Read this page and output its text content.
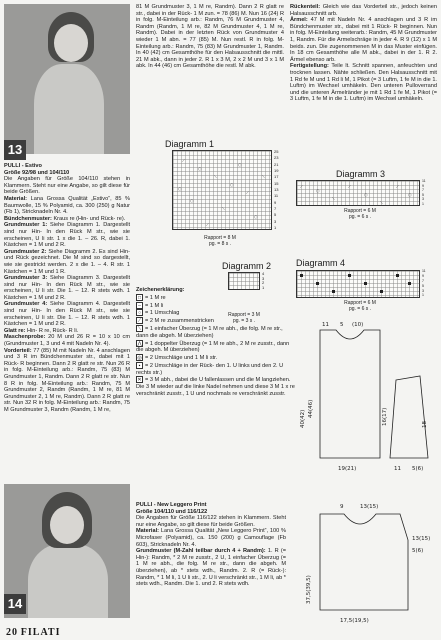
13

PULLI - Estivo

Größe 92/98 und 104/110

Die Angaben für Größe 104/110 stehen in Klammern. Steht nur eine Angabe, so gilt diese für beide Größen.

Material: Lana Grossa Qualität „Estivo“, 85 % Baumwolle, 15 % Polyamid, ca. 300 (250) g Natur (Fb 1), Stricknadeln Nr. 4.

Bündchenmuster: Kraus re (Hin- und Rück- re).

Grundmuster 1: Siehe Diagramm 1. Dargestellt sind nur Hin- In den Rück M str., wie sie erscheinen, U li str. 1 x die 1. – 26. R, dabei 1. Kästchen = 1 M und 2 R.

Grundmuster 2: Siehe Diagramm 2. Es sind Hin- und Rück gezeichnet. Die M sind so dargestellt, wie sie gestrickt werden. 2 x die 1. – 4. R str. 1 Kästchen = 1 M und 1 R.

Grundmuster 3: Siehe Diagramm 3. Dargestellt sind nur Hin- In den Rück M str., wie sie erscheinen, U li str. Die 1. – 12. R stets wdh. 1 Kästchen = 1 M und 2 R.

Grundmuster 4: Siehe Diagramm 4. Dargestellt sind nur Hin- In den Rück M str., wie sie erscheinen, U li str. Die 1. – 12. R stets wdh. 1 Kästchen = 1 M und 2 R.

Glatt re: Hin- R re, Rück- R li.

Maschenprobe: 20 M und 26 R = 10 x 10 cm (Grundmuster 1, 3 und 4 mit Nadeln Nr. 4).

Vorderteil: 77 (85) M mit Nadeln Nr. 4 anschlagen und 3 R im Bündchenmuster str., dabei mit 1 Rück- R beginnen. Dann 2 R glatt re str. Nun 26 R in folg. M-Einteilung arb.: Randm, 75 (83) M Grundmuster 1, Randm. Dann 2 R glatt re str. Nun 8 R in folg. M-Einteilung arb.: Randm, 75 M Grundmuster 2, Randm (Randm, 1 M re, 81 M Grundmuster 2, 1 M re, Randm). Dann 2 R glatt re str. Nun 32 R in folg. M-Einteilung arb.: Randm, 75 M Grundmuster 3, Randm (Randm, 1 M re,

81 M Grundmuster 3, 1 M re, Randm). Dann 2 R glatt re str., dabei in der Rück- 1 M zun. = 78 (86) M. Nun 16 (24) R in folg. M-Einteilung arb.: Randm, 76 M Grundmuster 4, Randm (Randm, 1 M re, 82 M Grundmuster 4, 1 M re, Randm). Dabei in der letzten Rück von Grundmuster 4 wieder 1 M abn. = 77 (85) M. Nun restl. R in folg. M-Einteilung arb.: Randm, 75 (83) M Grundmuster 1, Randm. In 40 (42) cm Gesamthöhe für den Halsausschnitt die mittl. 21 M abk., dann in jeder 2. R 1 x 3 M, 2 x 2 M und 3 x 1 M abk. In 44 (46) cm Gesamthöhe die restl. M abk.

Rückenteil: Gleich wie das Vorderteil str., jedoch keinen Halsausschnitt arb.

Ärmel: 47 M mit Nadeln Nr. 4 anschlagen und 3 R im Bündchenmuster str., dabei mit 1 Rück- R beginnen. Nun in folg. M-Einteilung weiterarb.: Randm, 45 M Grundmuster 1, Randm. Für die Armelschräge in jeder 4. R 9 (12) x 1 M beids. zun. Die zugenommenen M in das Muster einfügen. In 18 cm Gesamthöhe alle M abk., dabei in der 1. R 2. Ärmel ebenso arb.

Fertigstellung: Teile lt. Schnitt spannen, anfeuchten und trocknen lassen. Nähte schließen. Den Halsausschnitt mit 1 Rd fe M und 1 Rd li M, 1 Pikot (= 3 Luftm, 1 fe M in die 1. Luftm) im Wechsel umhäkeln. Den unteren Pulloverrand und die unteren Ärmelränder je mit 1 Rd 1 fe M, 1 Pikot (= 3 Luftm, 1 fe M in die 1. Luftm) im Wechsel umhäkeln.

Diagramm 1
⟋
○
⟍
○
⟋
○
⟍
○
⟋
○
⟍
○
25
23
21
19
17
15
13
11
9
7
5
3
1
Rapport = 8 M
pg. = 8 s .
Diagramm 3
⟋
○
⟍
⟋
○
⟍
⟋
○
11
9
7
5
3
1
Rapport = 6 M
pg. = 6 s .
Diagramm 2
4
3
2
1
Rapport = 3 M
pg. = 3 s .
Diagramm 4
11
9
7
5
3
1
Rapport = 6 M
pg. = 6 s .
Zeichenerklärung:
□ = 1 M re
– = 1 M li
○ = 1 Umschlag
⟋ = 2 M re zusammenstricken
⟍ = 1 einfacher Überzug (= 1 M re abh., die folg. M re str., dann die abgeh. M überziehen)
⋀ = 1 doppelter Überzug (= 1 M re abh., 2 M re zusstr., dann die abgeh. M überziehen)
◎ = 2 Umschläge und 1 M li str.
▪ = 2 Umschläge in der Rück- den 1. U links und den 2. U rechts str.)
✕ = 3 M abh., dabei die U fallenlassen und die M langziehen. Die 3 M wieder auf die linke Nadel nehmen und diese 3 M 1 x re verschränkt zusstr., 1 U und nochmals re verschränkt zusstr.
11 5 (10)
40(42)
44(46)
19(21)
16(17)	18
11 5(6)
14

PULLI - New Leggero Print

Größe 104/110 und 116/122

Die Angaben für Größe 116/122 stehen in Klammern. Steht nur eine Angabe, so gilt diese für beide Größen.

Material: Lana Grossa Qualität „New Leggero Print“, 100 % Microfaser (Polyamid), ca. 150 (200) g Camouflage (Fb 603), Stricknadeln Nr. 4.

Grundmuster (M-Zahl teilbar durch 4 + Randm): 1. R (= Hin-): Randm, * 2 M re zusstr., 2 U, 1 einfacher Überzug (= 1 M re abh., die folg. M re str., dann die abgeh. M überziehen), ab * stets wdh., Randm. 2. R (= Rück-): Randm, * 1 M li, 1 U li str., 2. U li verschränkt str., 1 M li, ab * stets wdh., Randm. Die 1. und 2. R stets wdh.

9	13(15)
13(15)
5(6)
37,5(39,5)
17,5(19,5)
20 FILATI
